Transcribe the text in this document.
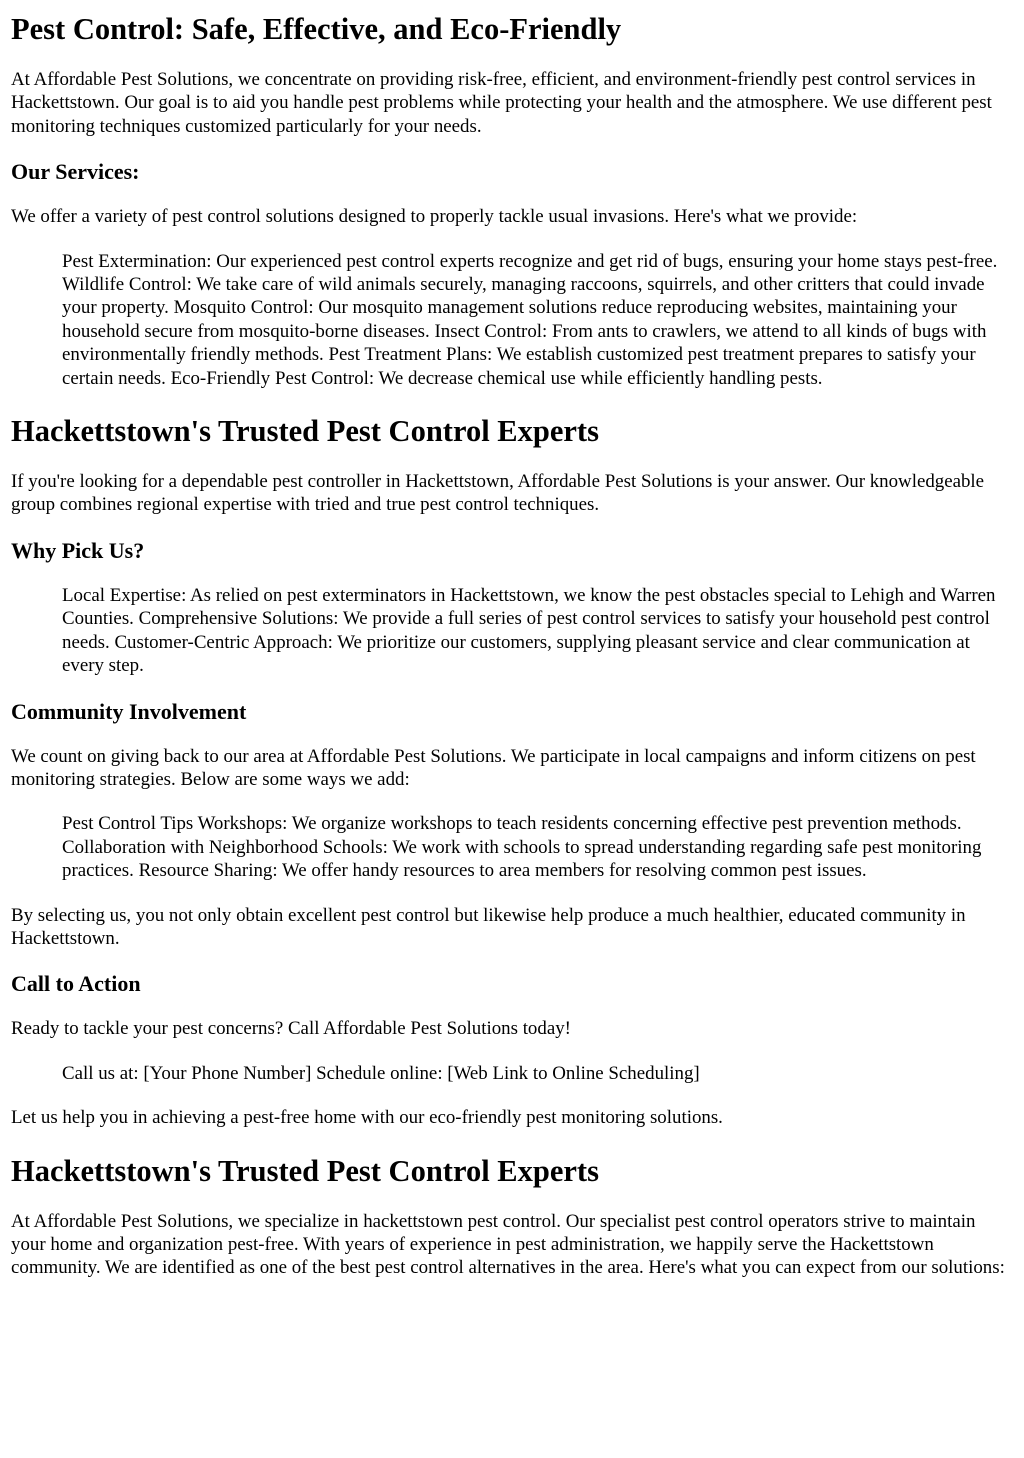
Pest Control: Safe, Effective, and Eco-Friendly

At Affordable Pest Solutions, we concentrate on providing risk-free, efficient, and environment-friendly pest control services in Hackettstown. Our goal is to aid you handle pest problems while protecting your health and the atmosphere. We use different pest monitoring techniques customized particularly for your needs.

Our Services:

We offer a variety of pest control solutions designed to properly tackle usual invasions. Here's what we provide:

Pest Extermination: Our experienced pest control experts recognize and get rid of bugs, ensuring your home stays pest-free. Wildlife Control: We take care of wild animals securely, managing raccoons, squirrels, and other critters that could invade your property. Mosquito Control: Our mosquito management solutions reduce reproducing websites, maintaining your household secure from mosquito-borne diseases. Insect Control: From ants to crawlers, we attend to all kinds of bugs with environmentally friendly methods. Pest Treatment Plans: We establish customized pest treatment prepares to satisfy your certain needs. Eco-Friendly Pest Control: We decrease chemical use while efficiently handling pests.
Hackettstown's Trusted Pest Control Experts

If you're looking for a dependable pest controller in Hackettstown, Affordable Pest Solutions is your answer. Our knowledgeable group combines regional expertise with tried and true pest control techniques.

Why Pick Us?
Local Expertise: As relied on pest exterminators in Hackettstown, we know the pest obstacles special to Lehigh and Warren Counties. Comprehensive Solutions: We provide a full series of pest control services to satisfy your household pest control needs. Customer-Centric Approach: We prioritize our customers, supplying pleasant service and clear communication at every step.
Community Involvement

We count on giving back to our area at Affordable Pest Solutions. We participate in local campaigns and inform citizens on pest monitoring strategies. Below are some ways we add:

Pest Control Tips Workshops: We organize workshops to teach residents concerning effective pest prevention methods. Collaboration with Neighborhood Schools: We work with schools to spread understanding regarding safe pest monitoring practices. Resource Sharing: We offer handy resources to area members for resolving common pest issues.

By selecting us, you not only obtain excellent pest control but likewise help produce a much healthier, educated community in Hackettstown.

Call to Action

Ready to tackle your pest concerns? Call Affordable Pest Solutions today!

Call us at: [Your Phone Number] Schedule online: [Web Link to Online Scheduling]

Let us help you in achieving a pest-free home with our eco-friendly pest monitoring solutions.

Hackettstown's Trusted Pest Control Experts

At Affordable Pest Solutions, we specialize in hackettstown pest control. Our specialist pest control operators strive to maintain your home and organization pest-free. With years of experience in pest administration, we happily serve the Hackettstown community. We are identified as one of the best pest control alternatives in the area. Here's what you can expect from our solutions:
